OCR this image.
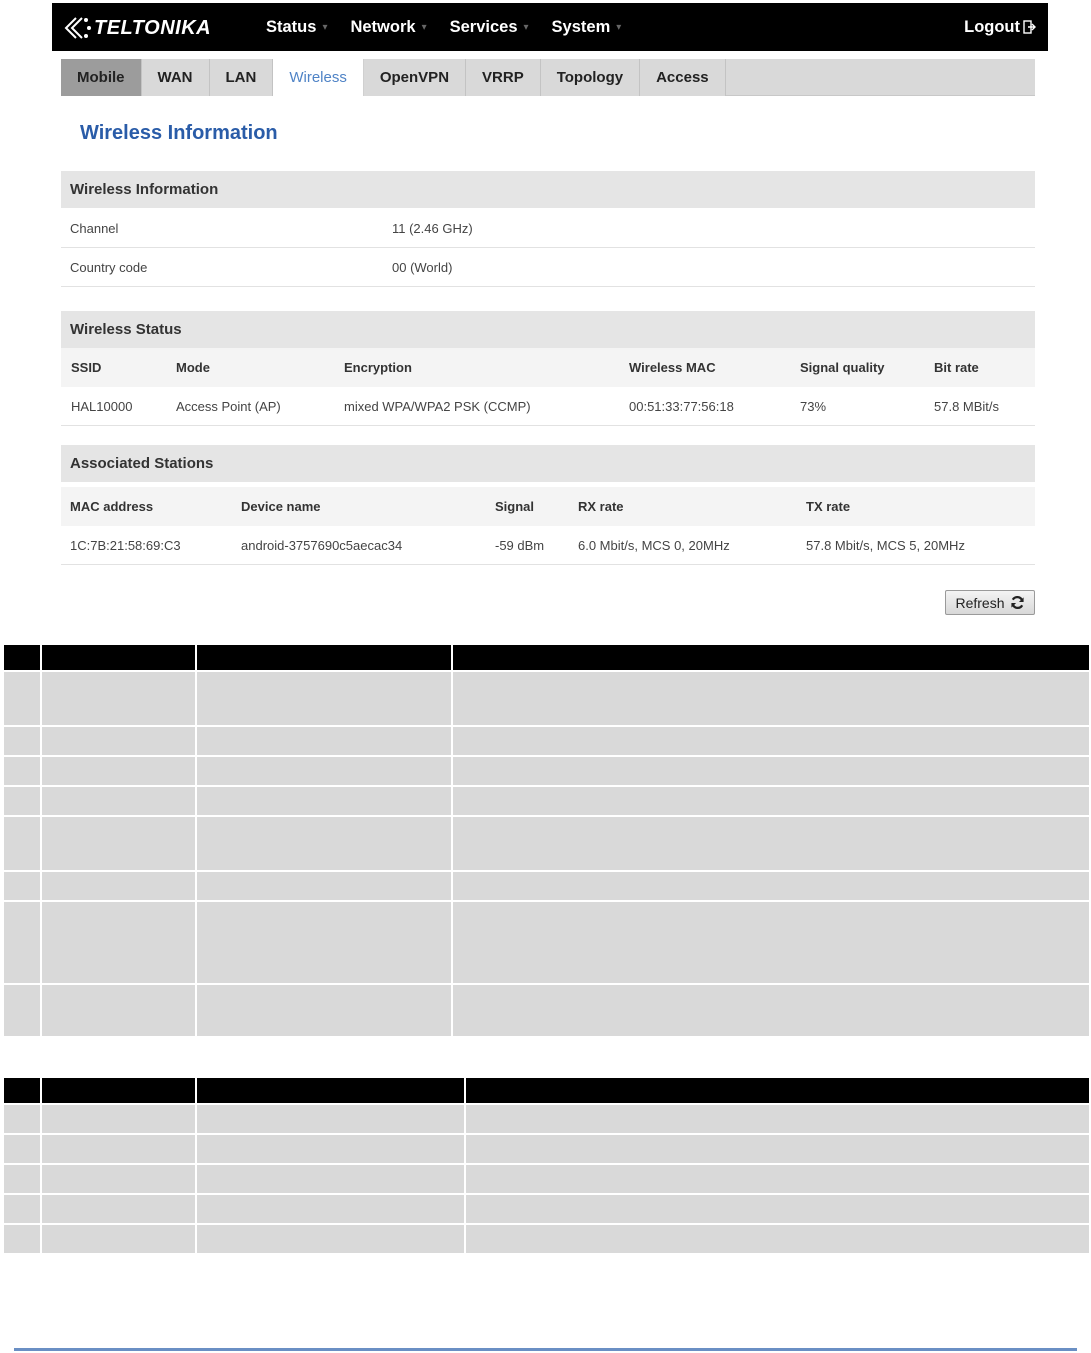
TELTONIKA	Status ▾ Network ▾ Services ▾ System ▾	Logout
Mobile	WAN	LAN	Wireless	OpenVPN	VRRP	Topology	Access
Wireless Information
Wireless Information
Channel	11 (2.46 GHz)
Country code	00 (World)
Wireless Status
SSID	Mode	Encryption	Wireless MAC	Signal quality	Bit rate
HAL10000	Access Point (AP)	mixed WPA/WPA2 PSK (CCMP)	00:51:33:77:56:18	73%	57.8 MBit/s
Associated Stations
MAC address	Device name	Signal	RX rate	TX rate
1C:7B:21:58:69:C3	android-3757690c5aecac34	-59 dBm	6.0 Mbit/s, MCS 0, 20MHz	57.8 Mbit/s, MCS 5, 20MHz
Refresh
